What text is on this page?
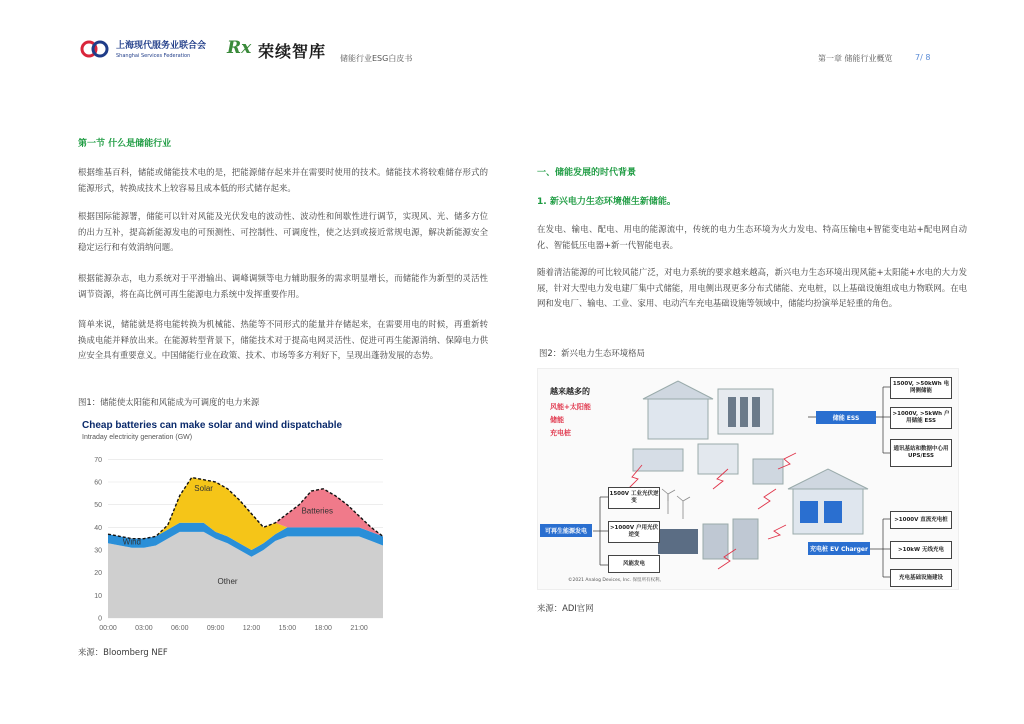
上海现代服务业联合会
Shanghai Services Federation Rx 荣续智库 储能行业ESG白皮书	第一章 储能行业概览	7/ 8
第一节 什么是储能行业
根据维基百科，储能或储能技术电的是，把能源储存起来并在需要时使用的技术。储能技术将较难储存形式的能源形式，转换成技术上较容易且成本低的形式储存起来。
根据国际能源署，储能可以针对风能及光伏发电的波动性、波动性和间歇性进行调节，实现风、光、储多方位的出力互补，提高新能源发电的可预测性、可控制性、可调度性，使之达到或接近常规电源，解决新能源安全稳定运行和有效消纳问题。
根据能源杂志，电力系统对于平滑输出、调峰调频等电力辅助服务的需求明显增长，而储能作为新型的灵活性调节资源，将在高比例可再生能源电力系统中发挥重要作用。
简单来说，储能就是将电能转换为机械能、热能等不同形式的能量并存储起来，在需要用电的时候，再重新转换成电能并释放出来。在能源转型背景下，储能技术对于提高电网灵活性、促进可再生能源消纳、保障电力供应安全具有重要意义。中国储能行业在政策、技术、市场等多方利好下，呈现出蓬勃发展的态势。
图1：储能使太阳能和风能成为可调度的电力来源
Cheap batteries can make solar and wind dispatchable
Intraday electricity generation (GW)
0
10
20
30
40
50
60
70
00:00	03:00	06:00	09:00	12:00	15:00	18:00	21:00
Other
Wind
Solar
Batteries
来源：Bloomberg NEF
一、储能发展的时代背景
1. 新兴电力生态环境催生新储能。
在发电、输电、配电、用电的能源流中，传统的电力生态环境为火力发电、特高压输电+智能变电站+配电网自动化、智能低压电器+新一代智能电表。
随着清洁能源的可比较风能广泛，对电力系统的要求越来越高，新兴电力生态环境出现风能+太阳能+水电的大力发展，针对大型电力发电建厂集中式储能，用电侧出现更多分布式储能、充电桩，以上基础设施组成电力物联网。在电网和发电厂、输电、工业、家用、电动汽车充电基础设施等领域中，储能均扮演举足轻重的角色。
图2：新兴电力生态环境格局
越来越多的
风能+太阳能
储能
充电桩
©2021 Analog Devices, Inc. 保留所有权利。
储能 ESS
1500V, >50kWh 电网侧储能
>1000V, >5kWh 户用储能 ESS
通讯基站和数据中心用 UPS/ESS
可再生能源发电
1500V 工业光伏逆变
>1000V 户用光伏逆变
风能发电
充电桩 EV Charger
>1000V 直流充电桩
>10kW 无线充电
充电基础设施建设
来源：ADI官网
